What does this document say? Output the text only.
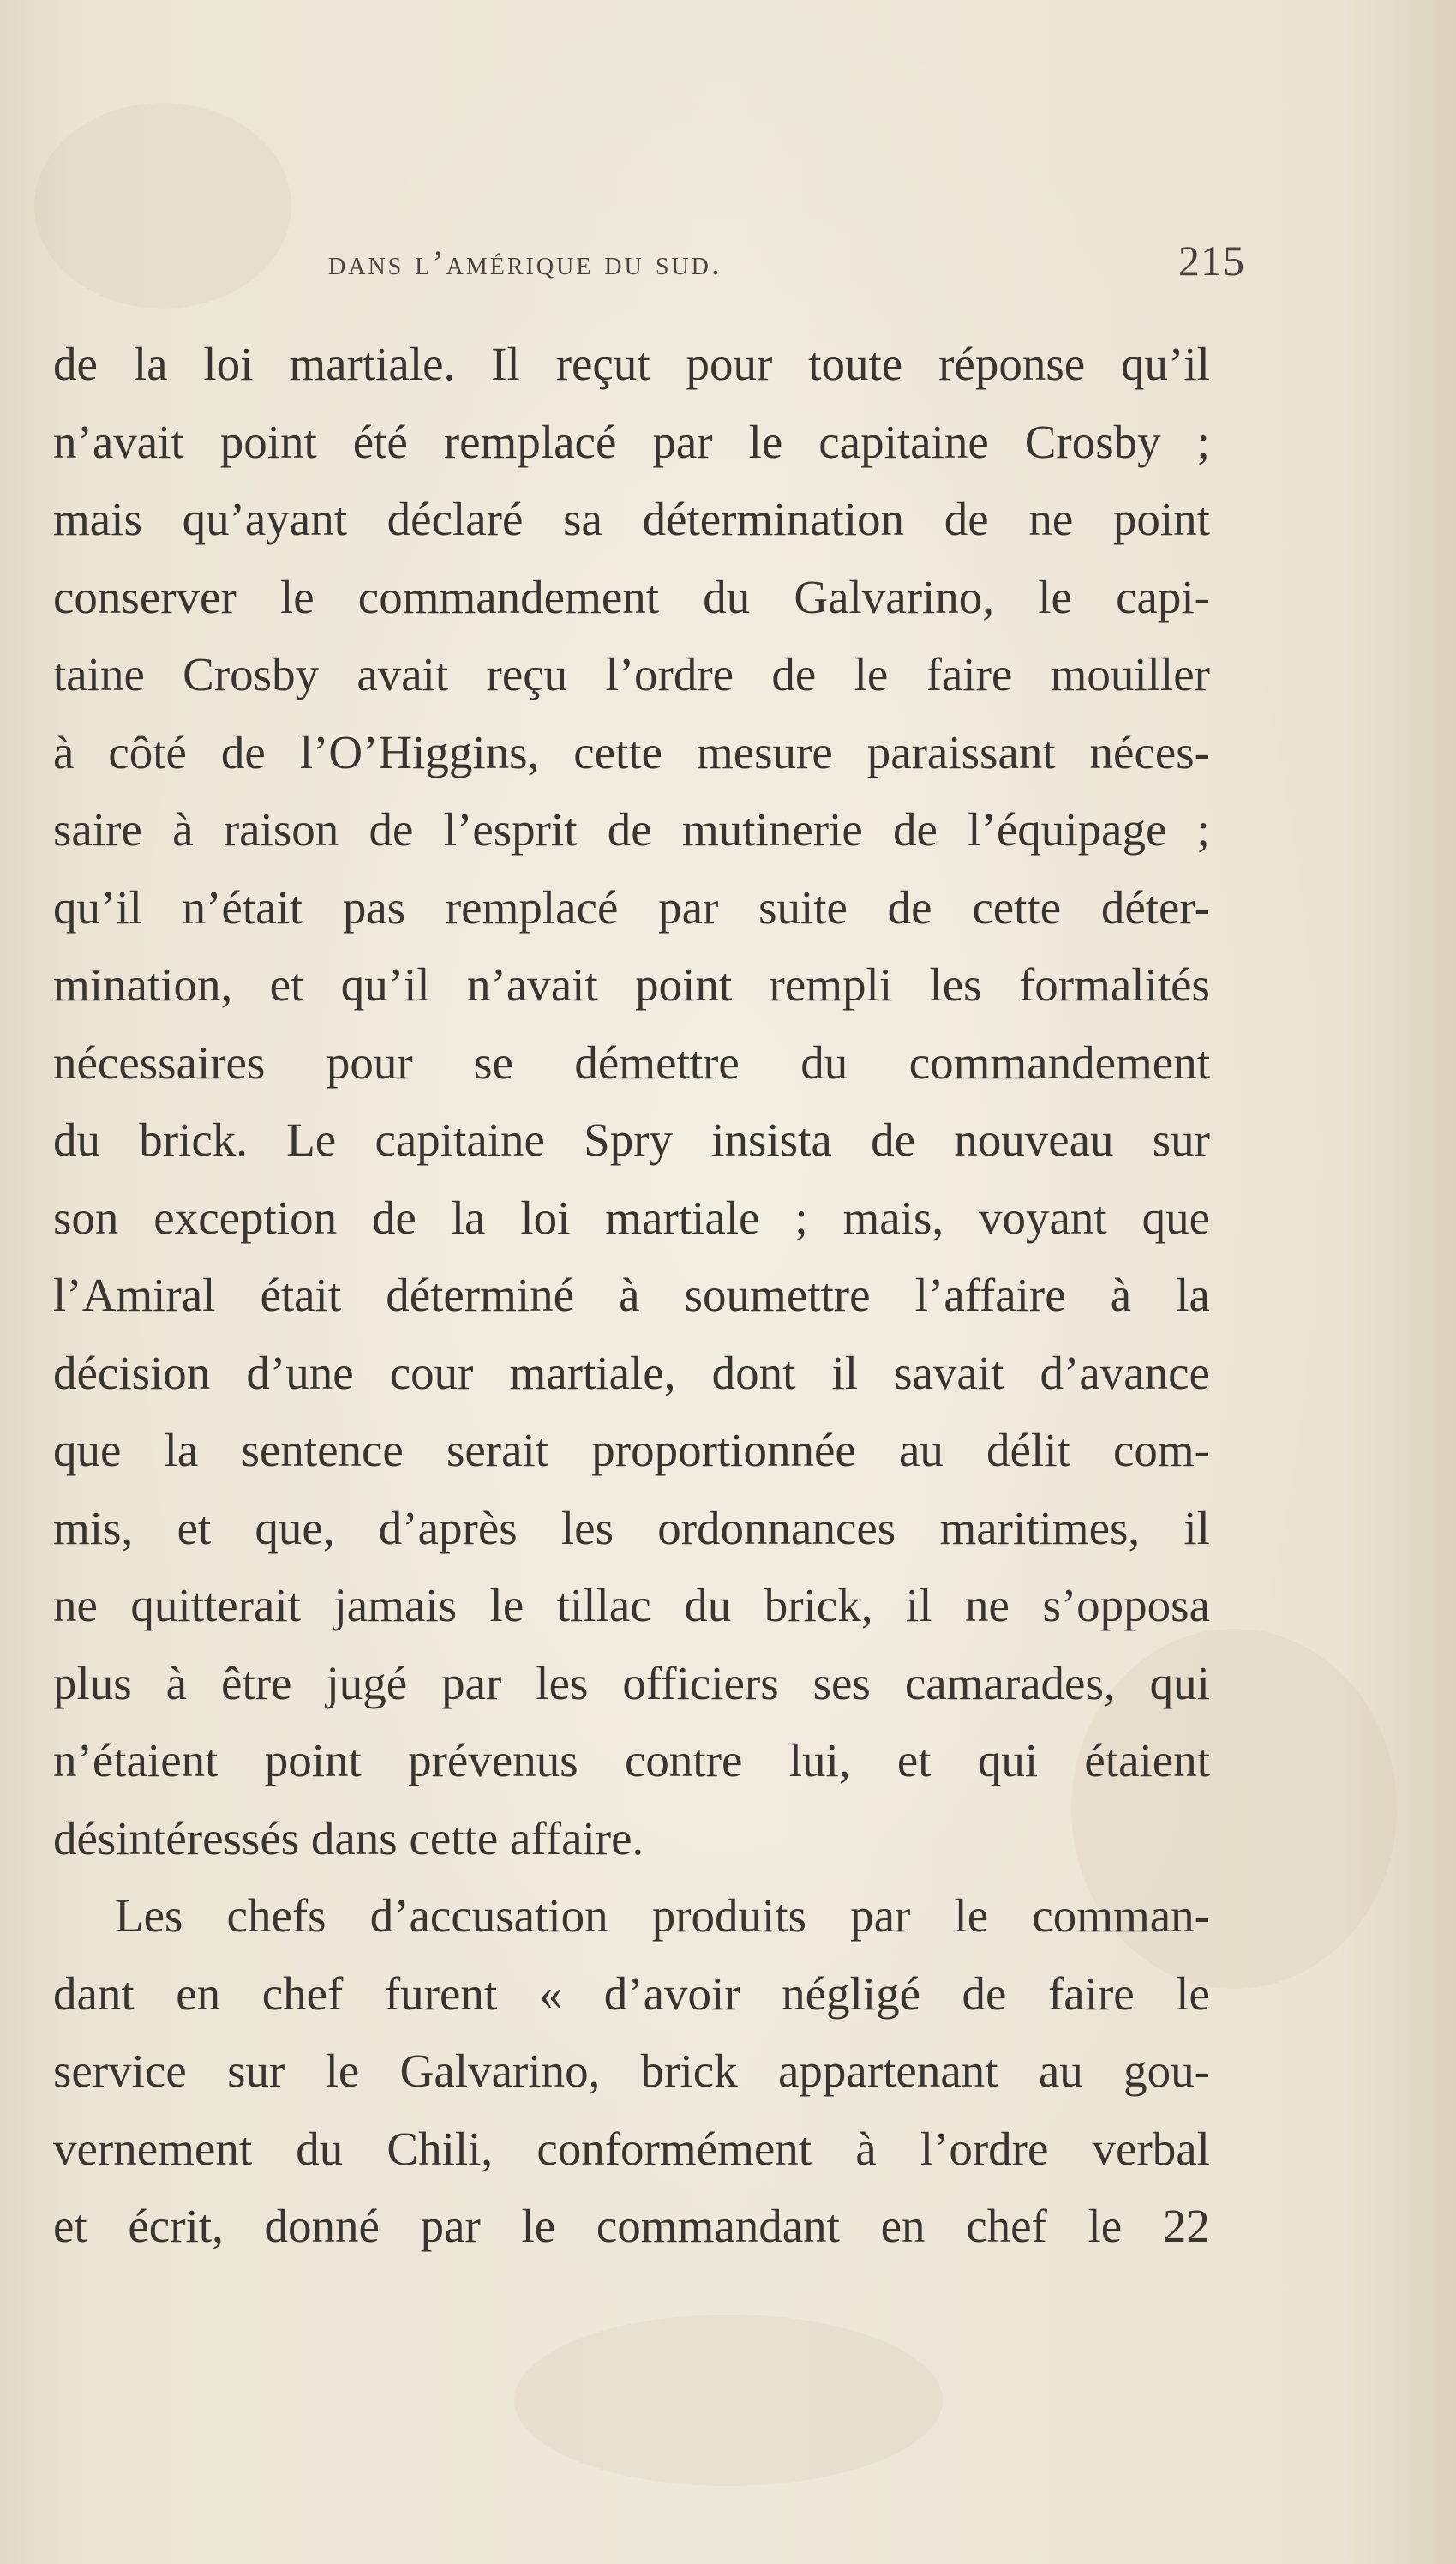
dans l’amérique du sud.	215
de la loi martiale. Il reçut pour toute réponse qu’il
n’avait point été remplacé par le capitaine Crosby ;
mais qu’ayant déclaré sa détermination de ne point
conserver le commandement du Galvarino, le capi-
taine Crosby avait reçu l’ordre de le faire mouiller
à côté de l’O’Higgins, cette mesure paraissant néces-
saire à raison de l’esprit de mutinerie de l’équipage ;
qu’il n’était pas remplacé par suite de cette déter-
mination, et qu’il n’avait point rempli les formalités
nécessaires pour se démettre du commandement
du brick. Le capitaine Spry insista de nouveau sur
son exception de la loi martiale ; mais, voyant que
l’Amiral était déterminé à soumettre l’affaire à la
décision d’une cour martiale, dont il savait d’avance
que la sentence serait proportionnée au délit com-
mis, et que, d’après les ordonnances maritimes, il
ne quitterait jamais le tillac du brick, il ne s’opposa
plus à être jugé par les officiers ses camarades, qui
n’étaient point prévenus contre lui, et qui étaient
désintéressés
dans
cette
affaire.
Les chefs d’accusation produits par le comman-
dant en chef furent « d’avoir négligé de faire le
service sur le Galvarino, brick appartenant au gou-
vernement du Chili, conformément à l’ordre verbal
et écrit, donné par le commandant en chef le 22
